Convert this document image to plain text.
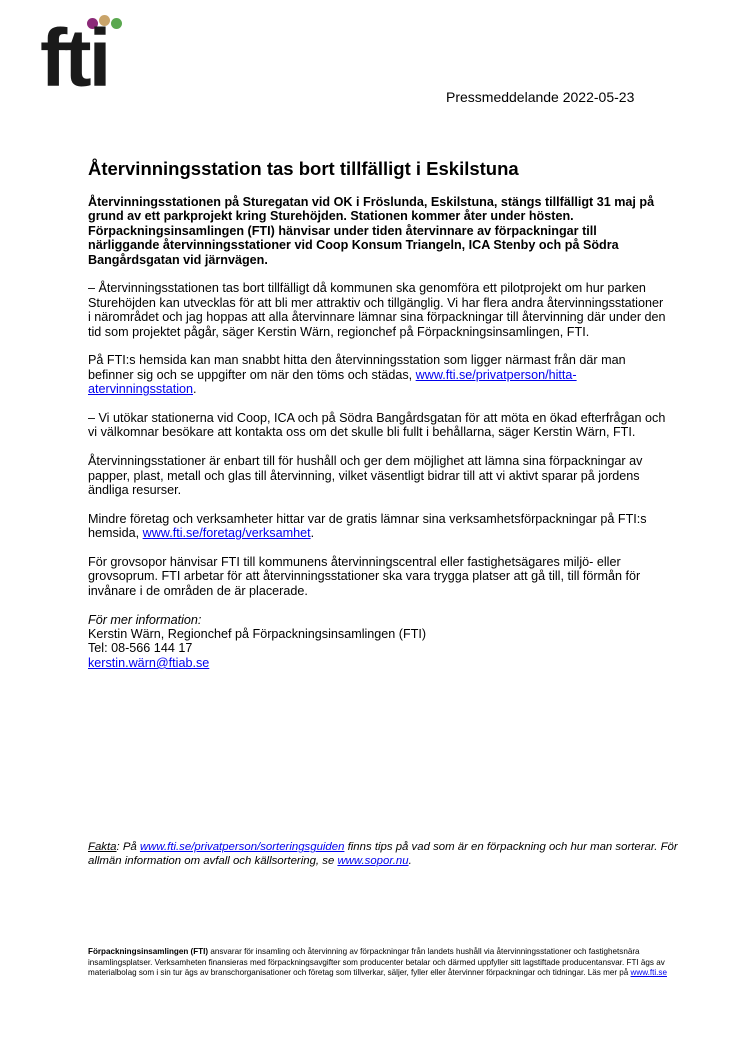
fti	Pressmeddelande 2022-05-23
Återvinningsstation tas bort tillfälligt i Eskilstuna

Återvinningsstationen på Sturegatan vid OK i Fröslunda, Eskilstuna, stängs tillfälligt 31 maj på grund av ett parkprojekt kring Sturehöjden. Stationen kommer åter under hösten. Förpackningsinsamlingen (FTI) hänvisar under tiden återvinnare av förpackningar till närliggande återvinningsstationer vid Coop Konsum Triangeln, ICA Stenby och på Södra Bangårdsgatan vid järnvägen.

– Återvinningsstationen tas bort tillfälligt då kommunen ska genomföra ett pilotprojekt om hur parken Sturehöjden kan utvecklas för att bli mer attraktiv och tillgänglig. Vi har flera andra återvinningsstationer i närområdet och jag hoppas att alla återvinnare lämnar sina förpackningar till återvinning där under den tid som projektet pågår, säger Kerstin Wärn, regionchef på Förpackningsinsamlingen, FTI.

På FTI:s hemsida kan man snabbt hitta den återvinningsstation som ligger närmast från där man befinner sig och se uppgifter om när den töms och städas, www.fti.se/privatperson/hitta-atervinningsstation.

– Vi utökar stationerna vid Coop, ICA och på Södra Bangårdsgatan för att möta en ökad efterfrågan och vi välkomnar besökare att kontakta oss om det skulle bli fullt i behållarna, säger Kerstin Wärn, FTI.

Återvinningsstationer är enbart till för hushåll och ger dem möjlighet att lämna sina förpackningar av papper, plast, metall och glas till återvinning, vilket väsentligt bidrar till att vi aktivt sparar på jordens ändliga resurser.

Mindre företag och verksamheter hittar var de gratis lämnar sina verksamhetsförpackningar på FTI:s hemsida, www.fti.se/foretag/verksamhet.

För grovsopor hänvisar FTI till kommunens återvinningscentral eller fastighetsägares miljö- eller grovsoprum. FTI arbetar för att återvinningsstationer ska vara trygga platser att gå till, till förmån för invånare i de områden de är placerade.

För mer information:
Kerstin Wärn, Regionchef på Förpackningsinsamlingen (FTI)
Tel: 08-566 144 17
kerstin.wärn@ftiab.se
Fakta: På www.fti.se/privatperson/sorteringsguiden finns tips på vad som är en förpackning och hur man sorterar. För allmän information om avfall och källsortering, se www.sopor.nu.
Förpackningsinsamlingen (FTI) ansvarar för insamling och återvinning av förpackningar från landets hushåll via återvinningsstationer och fastighetsnära insamlingsplatser. Verksamheten finansieras med förpackningsavgifter som producenter betalar och därmed uppfyller sitt lagstiftade producentansvar. FTI ägs av materialbolag som i sin tur ägs av branschorganisationer och företag som tillverkar, säljer, fyller eller återvinner förpackningar och tidningar. Läs mer på www.fti.se
